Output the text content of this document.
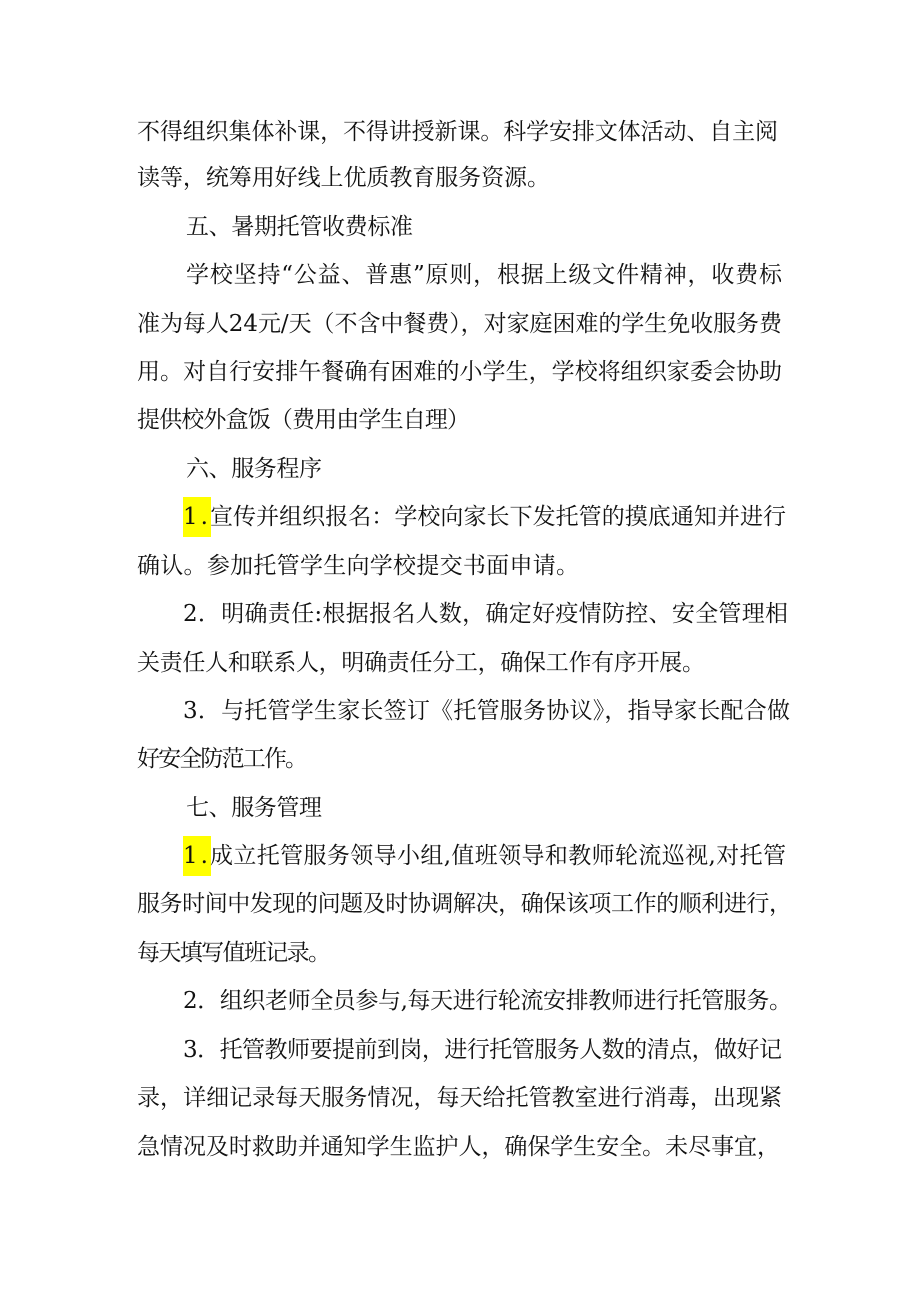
不得组织集体补课，不得讲授新课。科学安排文体活动、自主阅
读等，统筹用好线上优质教育服务资源。
五、暑期托管收费标准
学校坚持“公益、普惠”原则，根据上级文件精神，收费标
准为每人24元/天（不含中餐费），对家庭困难的学生免收服务费
用。对自行安排午餐确有困难的小学生，学校将组织家委会协助
提供校外盒饭（费用由学生自理）
六、服务程序
1.
宣传并组织报名：学校向家长下发托管的摸底通知并进行
确认。参加托管学生向学校提交书面申请。
2．明确责任:根据报名人数，确定好疫情防控、安全管理相
关责任人和联系人，明确责任分工，确保工作有序开展。
3．与托管学生家长签订《托管服务协议》，指导家长配合做
好安全防范工作。
七、服务管理
1.
成立托管服务领导小组,值班领导和教师轮流巡视,对托管
服务时间中发现的问题及时协调解决，确保该项工作的顺利进行，
每天填写值班记录。
2．组织老师全员参与,每天进行轮流安排教师进行托管服务。
3．托管教师要提前到岗，进行托管服务人数的清点，做好记
录，详细记录每天服务情况，每天给托管教室进行消毒，出现紧
急情况及时救助并通知学生监护人，确保学生安全。未尽事宜，
